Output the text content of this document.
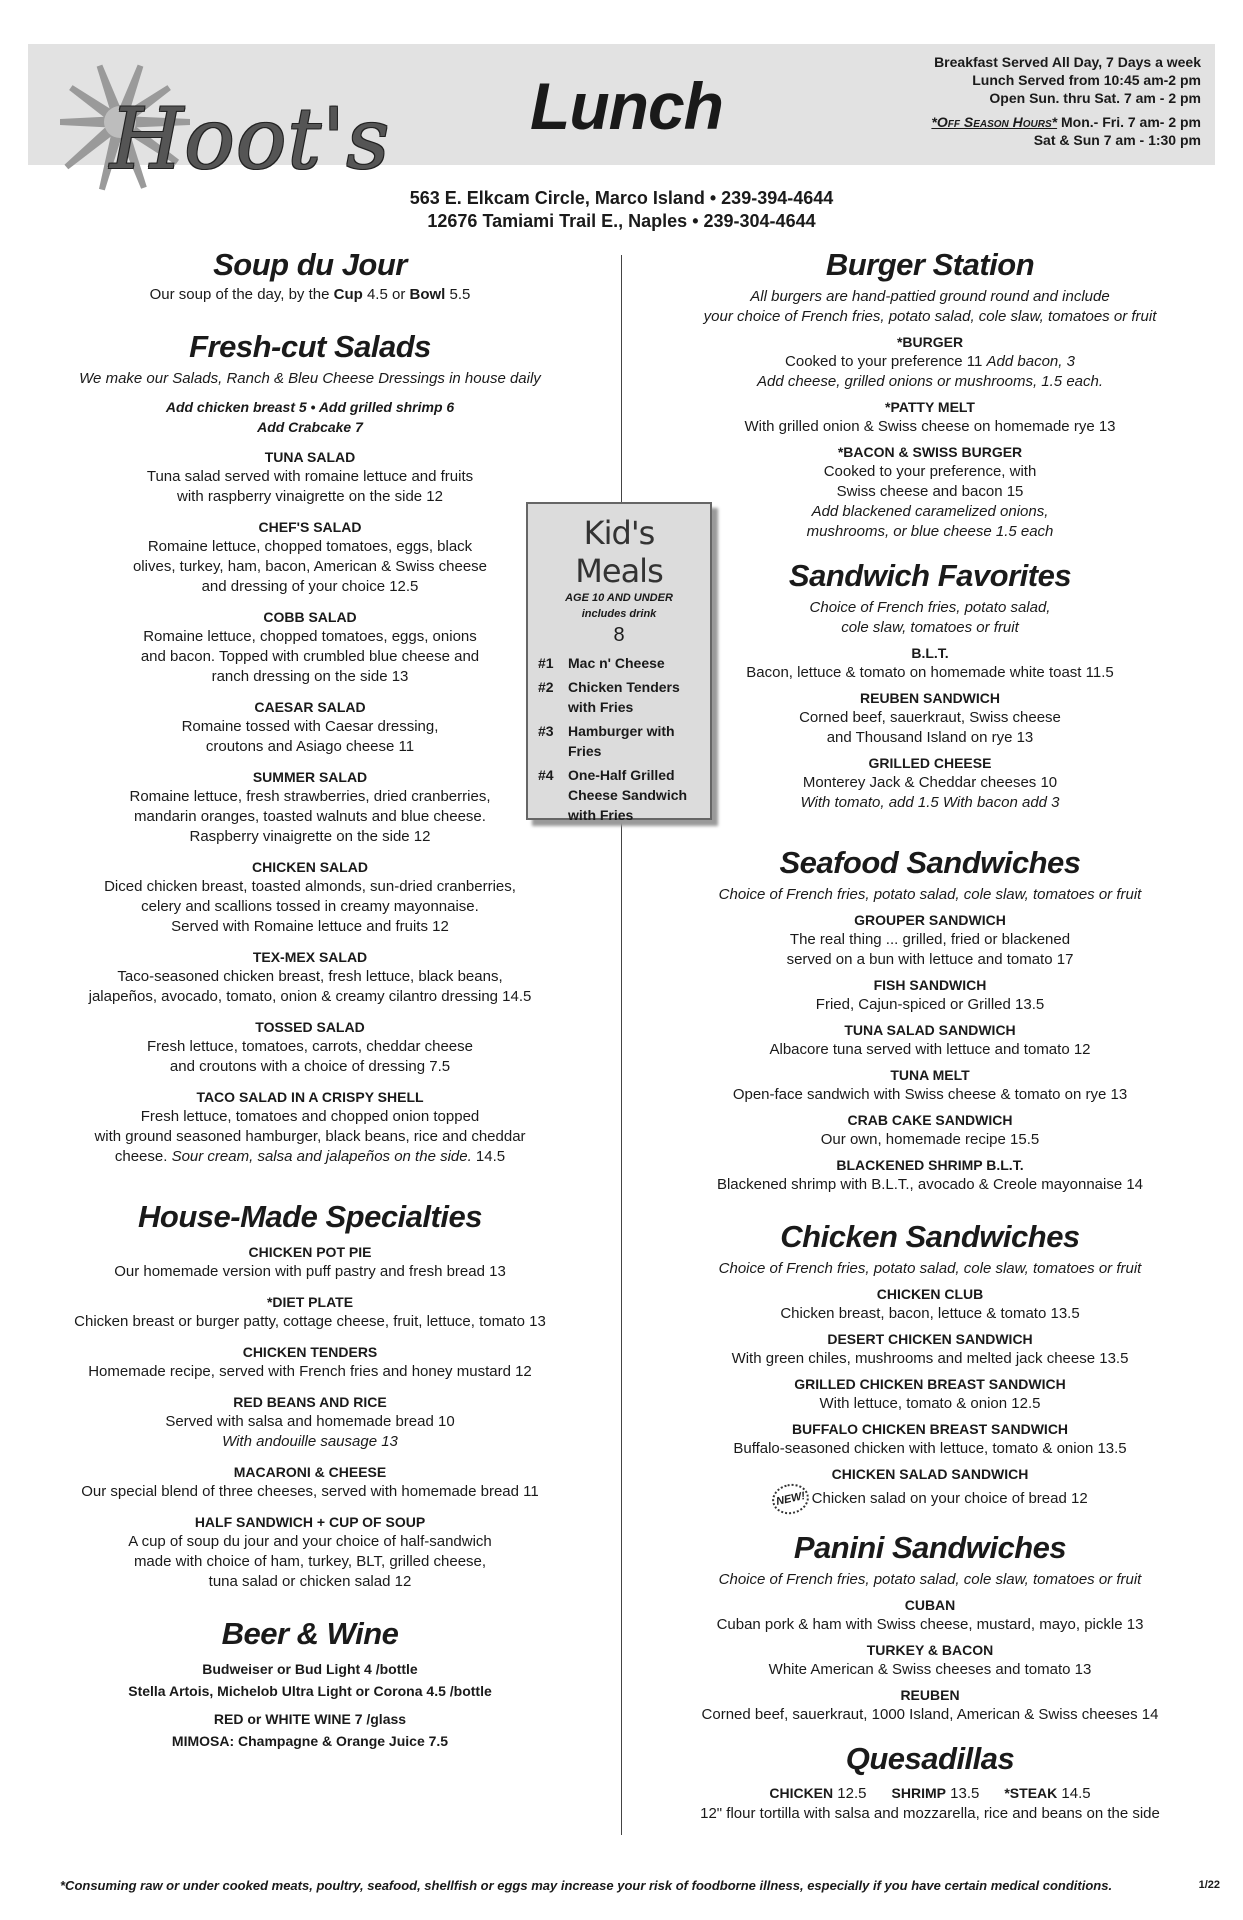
Hoot's Lunch
Breakfast Served All Day, 7 Days a week
Lunch Served from 10:45 am-2 pm
Open Sun. thru Sat. 7 am - 2 pm
*Off Season Hours* Mon.- Fri. 7 am- 2 pm
Sat & Sun 7 am - 1:30 pm
563 E. Elkcam Circle, Marco Island • 239-394-4644
12676 Tamiami Trail E., Naples • 239-304-4644
Soup du Jour
Our soup of the day, by the Cup 4.5 or Bowl 5.5
Fresh-cut Salads
We make our Salads, Ranch & Bleu Cheese Dressings in house daily
Add chicken breast 5 • Add grilled shrimp 6
Add Crabcake 7
TUNA SALAD
Tuna salad served with romaine lettuce and fruits
with raspberry vinaigrette on the side 12
CHEF'S SALAD
Romaine lettuce, chopped tomatoes, eggs, black
olives, turkey, ham, bacon, American & Swiss cheese
and dressing of your choice 12.5
COBB SALAD
Romaine lettuce, chopped tomatoes, eggs, onions
and bacon. Topped with crumbled blue cheese and
ranch dressing on the side 13
CAESAR SALAD
Romaine tossed with Caesar dressing,
croutons and Asiago cheese 11
SUMMER SALAD
Romaine lettuce, fresh strawberries, dried cranberries,
mandarin oranges, toasted walnuts and blue cheese.
Raspberry vinaigrette on the side 12
CHICKEN SALAD
Diced chicken breast, toasted almonds, sun-dried cranberries,
celery and scallions tossed in creamy mayonnaise.
Served with Romaine lettuce and fruits 12
TEX-MEX SALAD
Taco-seasoned chicken breast, fresh lettuce, black beans,
jalapeños, avocado, tomato, onion & creamy cilantro dressing 14.5
TOSSED SALAD
Fresh lettuce, tomatoes, carrots, cheddar cheese
and croutons with a choice of dressing 7.5
TACO SALAD IN A CRISPY SHELL
Fresh lettuce, tomatoes and chopped onion topped
with ground seasoned hamburger, black beans, rice and cheddar
cheese. Sour cream, salsa and jalapeños on the side. 14.5
House-Made Specialties
CHICKEN POT PIE
Our homemade version with puff pastry and fresh bread 13
*DIET PLATE
Chicken breast or burger patty, cottage cheese, fruit, lettuce, tomato 13
CHICKEN TENDERS
Homemade recipe, served with French fries and honey mustard 12
RED BEANS AND RICE
Served with salsa and homemade bread 10
With andouille sausage 13
MACARONI & CHEESE
Our special blend of three cheeses, served with homemade bread 11
HALF SANDWICH + CUP OF SOUP
A cup of soup du jour and your choice of half-sandwich
made with choice of ham, turkey, BLT, grilled cheese,
tuna salad or chicken salad 12
Beer & Wine
Budweiser or Bud Light 4 /bottle
Stella Artois, Michelob Ultra Light or Corona 4.5 /bottle
RED or WHITE WINE 7 /glass
MIMOSA: Champagne & Orange Juice 7.5
Kid's Meals
AGE 10 AND UNDER
includes drink
8
#1	Mac n' Cheese
#2	Chicken Tenders with Fries
#3	Hamburger with Fries
#4	One-Half Grilled Cheese Sandwich with Fries
Burger Station
All burgers are hand-pattied ground round and include
your choice of French fries, potato salad, cole slaw, tomatoes or fruit
*BURGER
Cooked to your preference 11 Add bacon, 3
Add cheese, grilled onions or mushrooms, 1.5 each.
*PATTY MELT
With grilled onion & Swiss cheese on homemade rye 13
*BACON & SWISS BURGER
Cooked to your preference, with
Swiss cheese and bacon 15
Add blackened caramelized onions,
mushrooms, or blue cheese 1.5 each
Sandwich Favorites
Choice of French fries, potato salad,
cole slaw, tomatoes or fruit
B.L.T.
Bacon, lettuce & tomato on homemade white toast 11.5
REUBEN SANDWICH
Corned beef, sauerkraut, Swiss cheese
and Thousand Island on rye 13
GRILLED CHEESE
Monterey Jack & Cheddar cheeses 10
With tomato, add 1.5 With bacon add 3
Seafood Sandwiches
Choice of French fries, potato salad, cole slaw, tomatoes or fruit
GROUPER SANDWICH
The real thing ... grilled, fried or blackened
served on a bun with lettuce and tomato 17
FISH SANDWICH
Fried, Cajun-spiced or Grilled 13.5
TUNA SALAD SANDWICH
Albacore tuna served with lettuce and tomato 12
TUNA MELT
Open-face sandwich with Swiss cheese & tomato on rye 13
CRAB CAKE SANDWICH
Our own, homemade recipe 15.5
BLACKENED SHRIMP B.L.T.
Blackened shrimp with B.L.T., avocado & Creole mayonnaise 14
Chicken Sandwiches
Choice of French fries, potato salad, cole slaw, tomatoes or fruit
CHICKEN CLUB
Chicken breast, bacon, lettuce & tomato 13.5
DESERT CHICKEN SANDWICH
With green chiles, mushrooms and melted jack cheese 13.5
GRILLED CHICKEN BREAST SANDWICH
With lettuce, tomato & onion 12.5
BUFFALO CHICKEN BREAST SANDWICH
Buffalo-seasoned chicken with lettuce, tomato & onion 13.5
CHICKEN SALAD SANDWICH
NEW! Chicken salad on your choice of bread 12
Panini Sandwiches
Choice of French fries, potato salad, cole slaw, tomatoes or fruit
CUBAN
Cuban pork & ham with Swiss cheese, mustard, mayo, pickle 13
TURKEY & BACON
White American & Swiss cheeses and tomato 13
REUBEN
Corned beef, sauerkraut, 1000 Island, American & Swiss cheeses 14
Quesadillas
CHICKEN 12.5 SHRIMP 13.5 *STEAK 14.5
12" flour tortilla with salsa and mozzarella, rice and beans on the side
*Consuming raw or under cooked meats, poultry, seafood, shellfish or eggs may increase your risk of foodborne illness, especially if you have certain medical conditions.	1/22
